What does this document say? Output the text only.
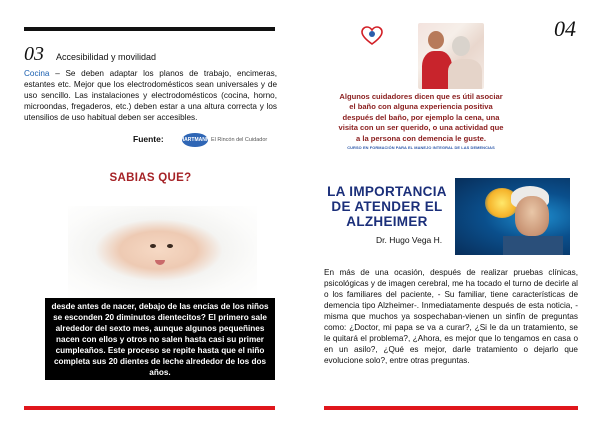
03 Accesibilidad y movilidad
Cocina – Se deben adaptar los planos de trabajo, encimeras, estantes etc. Mejor que los electrodomésticos sean universales y de uso sencillo. Las instalaciones y electrodomésticos (cocina, horno, microondas, fregaderos, etc.) deben estar a una altura correcta y los utensilios de uso habitual deben ser accesibles.
Fuente:	HARTMANN El Rincón del Cuidador
SABIAS QUE?
desde antes de nacer, debajo de las encías de los niños se esconden 20 diminutos dientecitos? El primero sale alrededor del sexto mes, aunque algunos pequeñines nacen con ellos y otros no salen hasta casi su primer cumpleaños. Este proceso se repite hasta que el niño completa sus 20 dientes de leche alrededor de los dos años.
04
Algunos cuidadores dicen que es útil asociar el baño con alguna experiencia positiva después del baño, por ejemplo la cena, una visita con un ser querido, o una actividad que a la persona con demencia le guste.
CURSO EN FORMACIÓN PARA EL MANEJO INTEGRAL DE LAS DEMENCIAS
LA IMPORTANCIA
DE ATENDER EL
ALZHEIMER
Dr. Hugo Vega H.
En más de una ocasión, después de realizar pruebas clínicas, psicológicas y de imagen cerebral, me ha tocado el turno de decirle al o los familiares del paciente, - Su familiar, tiene características de demencia tipo Alzheimer-. Inmediatamente después de esta noticia, -misma que muchos ya sospechaban-vienen un sinfín de preguntas como: ¿Doctor, mi papa se va a curar?, ¿Si le da un tratamiento, se le quitará el problema?, ¿Ahora, es mejor que lo tengamos en casa o en un asilo?, ¿Qué es mejor, darle tratamiento o dejarlo que evolucione solo?, entre otras preguntas.
